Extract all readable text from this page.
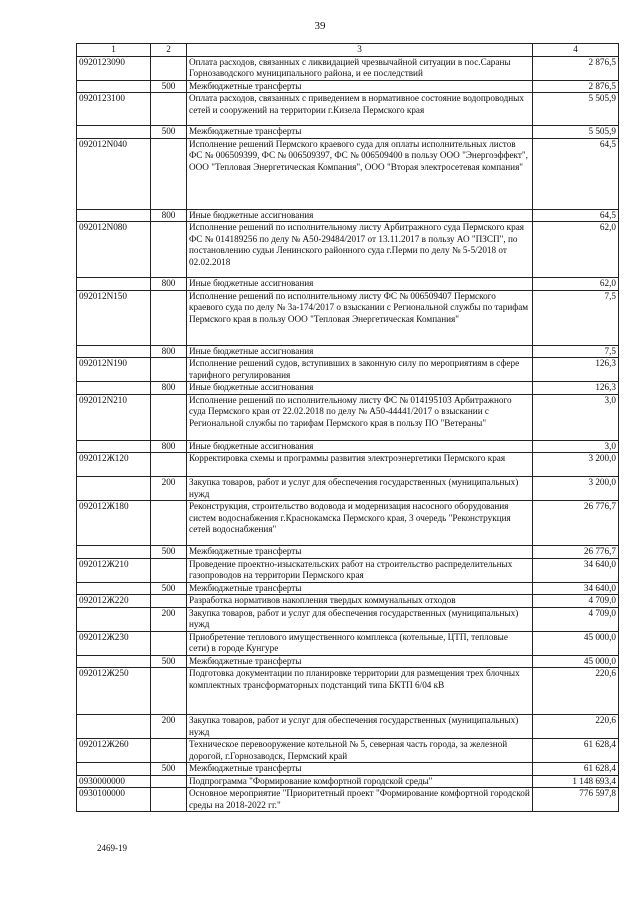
39
1	2	3	4
0920123090		Оплата расходов, связанных с ликвидацией чрезвычайной ситуации в пос.Сараны Горнозаводского муниципального района, и ее последствий	2 876,5
	500	Межбюджетные трансферты	2 876,5
0920123100		Оплата расходов, связанных с приведением в нормативное состояние водопроводных сетей и сооружений на территории г.Кизела Пермского края	5 505,9
	500	Межбюджетные трансферты	5 505,9
092012N040		Исполнение решений Пермского краевого суда для оплаты исполнительных листов ФС № 006509399, ФС № 006509397, ФС № 006509400 в пользу ООО "Энергоэффект", ООО "Тепловая Энергетическая Компания", ООО "Вторая электросетевая компания"	64,5
	800	Иные бюджетные ассигнования	64,5
092012N080		Исполнение решений по исполнительному листу Арбитражного суда Пермского края ФС № 014189256 по делу № А50-29484/2017 от 13.11.2017 в пользу АО "ПЗСП", по постановлению судьи Ленинского районного суда г.Перми по делу № 5-5/2018 от 02.02.2018	62,0
	800	Иные бюджетные ассигнования	62,0
092012N150		Исполнение решений по исполнительному листу ФС № 006509407 Пермского краевого суда по делу № 3а-174/2017 о взыскании с Региональной службы по тарифам Пермского края в пользу ООО "Тепловая Энергетическая Компания"	7,5
	800	Иные бюджетные ассигнования	7,5
092012N190		Исполнение решений судов, вступивших в законную силу по мероприятиям в сфере тарифного регулирования	126,3
	800	Иные бюджетные ассигнования	126,3
092012N210		Исполнение решений по исполнительному листу ФС № 014195103 Арбитражного суда Пермского края от 22.02.2018 по делу № А50-44441/2017 о взыскании с Региональной службы по тарифам Пермского края в пользу ПО "Ветераны"	3,0
	800	Иные бюджетные ассигнования	3,0
092012Ж120		Корректировка схемы и программы развития электроэнергетики Пермского края	3 200,0
	200	Закупка товаров, работ и услуг для обеспечения государственных (муниципальных) нужд	3 200,0
092012Ж180		Реконструкция, строительство водовода и модернизация насосного оборудования систем водоснабжения г.Краснокамска Пермского края, 3 очередь "Реконструкция сетей водоснабжения"	26 776,7
	500	Межбюджетные трансферты	26 776,7
092012Ж210		Проведение проектно-изыскательских работ на строительство распределительных газопроводов на территории Пермского края	34 640,0
	500	Межбюджетные трансферты	34 640,0
092012Ж220		Разработка нормативов накопления твердых коммунальных отходов	4 709,0
	200	Закупка товаров, работ и услуг для обеспечения государственных (муниципальных) нужд	4 709,0
092012Ж230		Приобретение теплового имущественного комплекса (котельные, ЦТП, тепловые сети) в городе Кунгуре	45 000,0
	500	Межбюджетные трансферты	45 000,0
092012Ж250		Подготовка документации по планировке территории для размещения трех блочных комплектных трансформаторных подстанций типа БКТП 6/04 кВ	220,6
	200	Закупка товаров, работ и услуг для обеспечения государственных (муниципальных) нужд	220,6
092012Ж260		Техническое перевооружение котельной № 5, северная часть города, за железной дорогой, г.Горнозаводск, Пермский край	61 628,4
	500	Межбюджетные трансферты	61 628,4
0930000000		Подпрограмма "Формирование комфортной городской среды"	1 148 693,4
0930100000		Основное мероприятие "Приоритетный проект "Формирование комфортной городской среды на 2018-2022 гг."	776 597,8
2469-19
